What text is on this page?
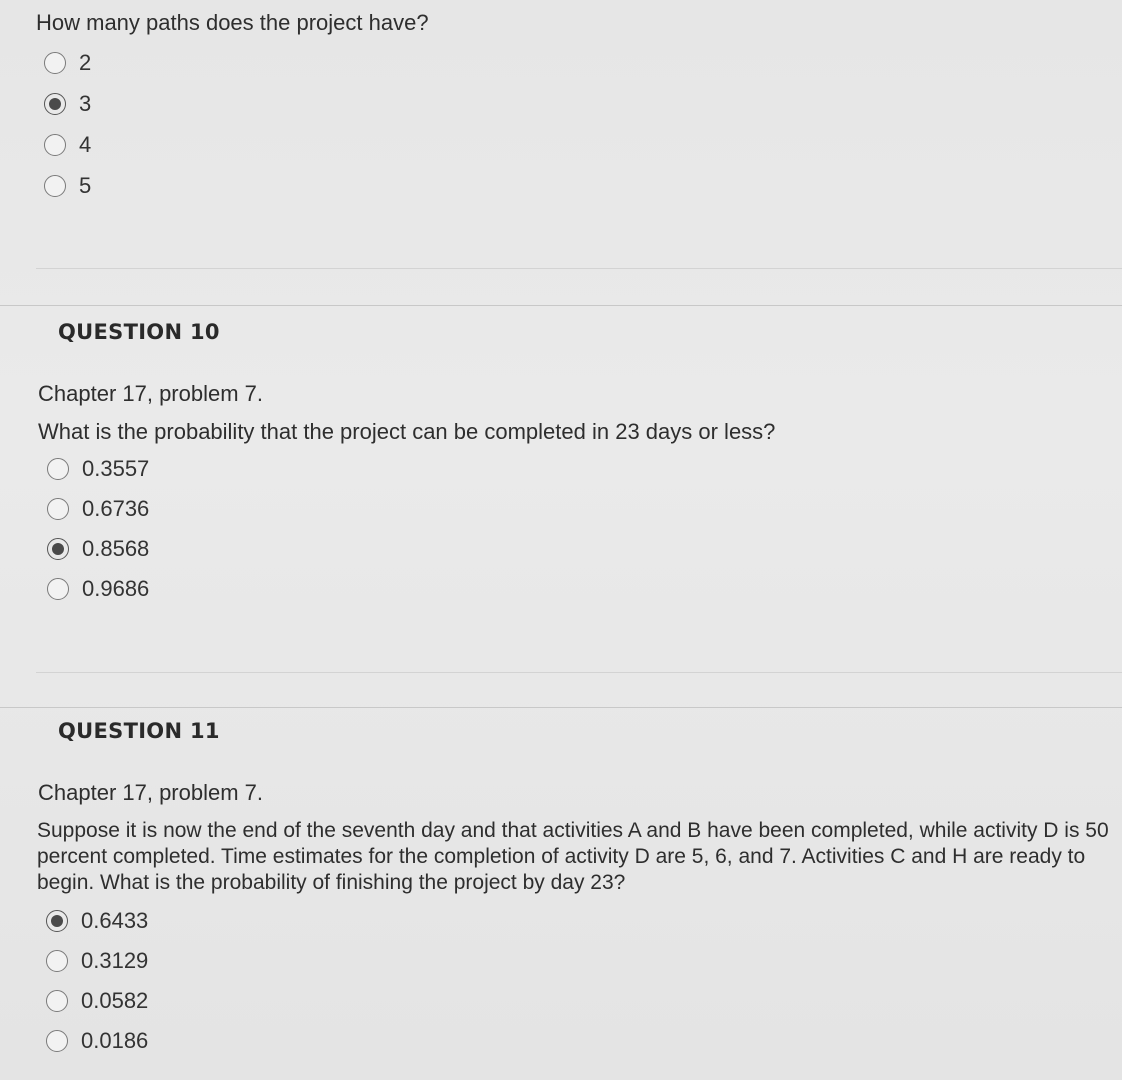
How many paths does the project have?
2
3
4
5
QUESTION 10
Chapter 17, problem 7.
What is the probability that the project can be completed in 23 days or less?
0.3557
0.6736
0.8568
0.9686
QUESTION 11
Chapter 17, problem 7.
Suppose it is now the end of the seventh day and that activities A and B have been completed, while activity D is 50 percent completed. Time estimates for the completion of activity D are 5, 6, and 7. Activities C and H are ready to begin. What is the probability of finishing the project by day 23?
0.6433
0.3129
0.0582
0.0186
